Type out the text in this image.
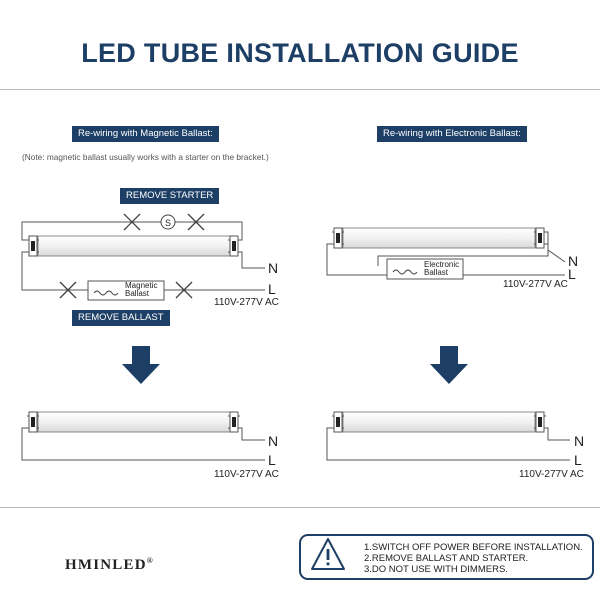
LED TUBE INSTALLATION GUIDE
Re-wiring with Magnetic Ballast:
(Note: magnetic ballast usually works with a starter on the bracket.)
REMOVE STARTER
REMOVE BALLAST
Re-wiring with Electronic Ballast:
S
Magnetic
Ballast
Electronic
Ballast
N
L
110V-277V AC
N
L
110V-277V AC
N
L
110V-277V AC
N
L
110V-277V AC
HMINLED®
1.SWITCH OFF POWER BEFORE INSTALLATION.
2.REMOVE BALLAST AND STARTER.
3.DO NOT USE WITH DIMMERS.
